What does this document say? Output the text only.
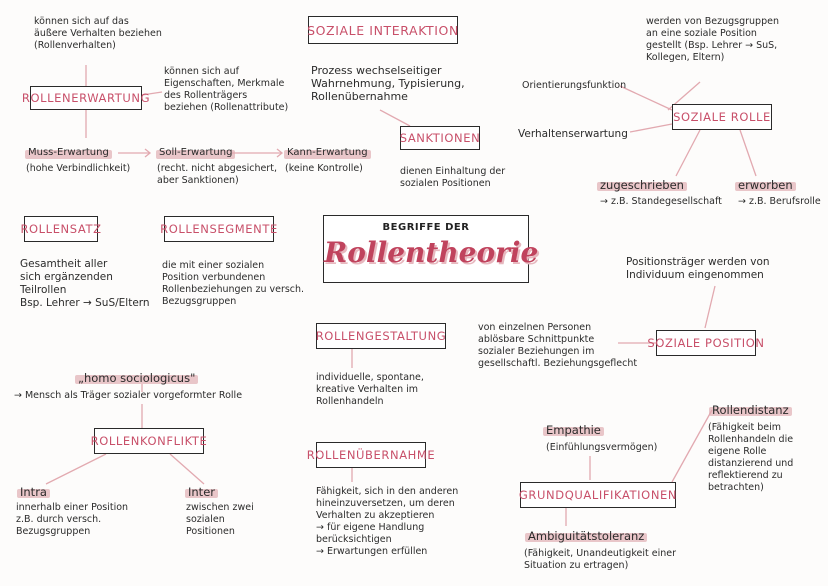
können sich auf das
äußere Verhalten beziehen
(Rollenverhalten)
ROLLENERWARTUNG
können sich auf
Eigenschaften, Merkmale
des Rollenträgers
beziehen (Rollenattribute)
Muss-Erwartung
(hohe Verbindlichkeit)
Soll-Erwartung
(recht. nicht abgesichert,
aber Sanktionen)
Kann-Erwartung
(keine Kontrolle)
SOZIALE INTERAKTION
Prozess wechselseitiger
Wahrnehmung, Typisierung,
Rollenübernahme
SANKTIONEN
dienen Einhaltung der
sozialen Positionen
werden von Bezugsgruppen
an eine soziale Position
gestellt (Bsp. Lehrer → SuS,
Kollegen, Eltern)
Orientierungsfunktion
Verhaltenserwartung
SOZIALE ROLLE
zugeschrieben
→ z.B. Standegesellschaft
erworben
→ z.B. Berufsrolle
ROLLENSATZ
Gesamtheit aller
sich ergänzenden
Teilrollen
Bsp. Lehrer → SuS/Eltern
ROLLENSEGMENTE
die mit einer sozialen
Position verbundenen
Rollenbeziehungen zu versch.
Bezugsgruppen
BEGRIFFE DER
Rollentheorie	Positionsträger werden von
Individuum eingenommen
von einzelnen Personen
ablösbare Schnittpunkte
sozialer Beziehungen im
gesellschaftl. Beziehungsgeflecht
SOZIALE POSITION
ROLLENGESTALTUNG
individuelle, spontane,
kreative Verhalten im
Rollenhandeln
„homo sociologicus"
→ Mensch als Träger sozialer vorgeformter Rolle
ROLLENKONFLIKTE
Intra
innerhalb einer Position
z.B. durch versch.
Bezugsgruppen
Inter
zwischen zwei
sozialen
Positionen
ROLLENÜBERNAHME
Fähigkeit, sich in den anderen
hineinzuversetzen, um deren
Verhalten zu akzeptieren
→ für eigene Handlung
berücksichtigen
→ Erwartungen erfüllen
Empathie
(Einfühlungsvermögen)
GRUNDQUALIFIKATIONEN
Rollendistanz
(Fähigkeit beim
Rollenhandeln die
eigene Rolle
distanzierend und
reflektierend zu
betrachten)
Ambiguitätstoleranz
(Fähigkeit, Unandeutigkeit einer
Situation zu ertragen)
